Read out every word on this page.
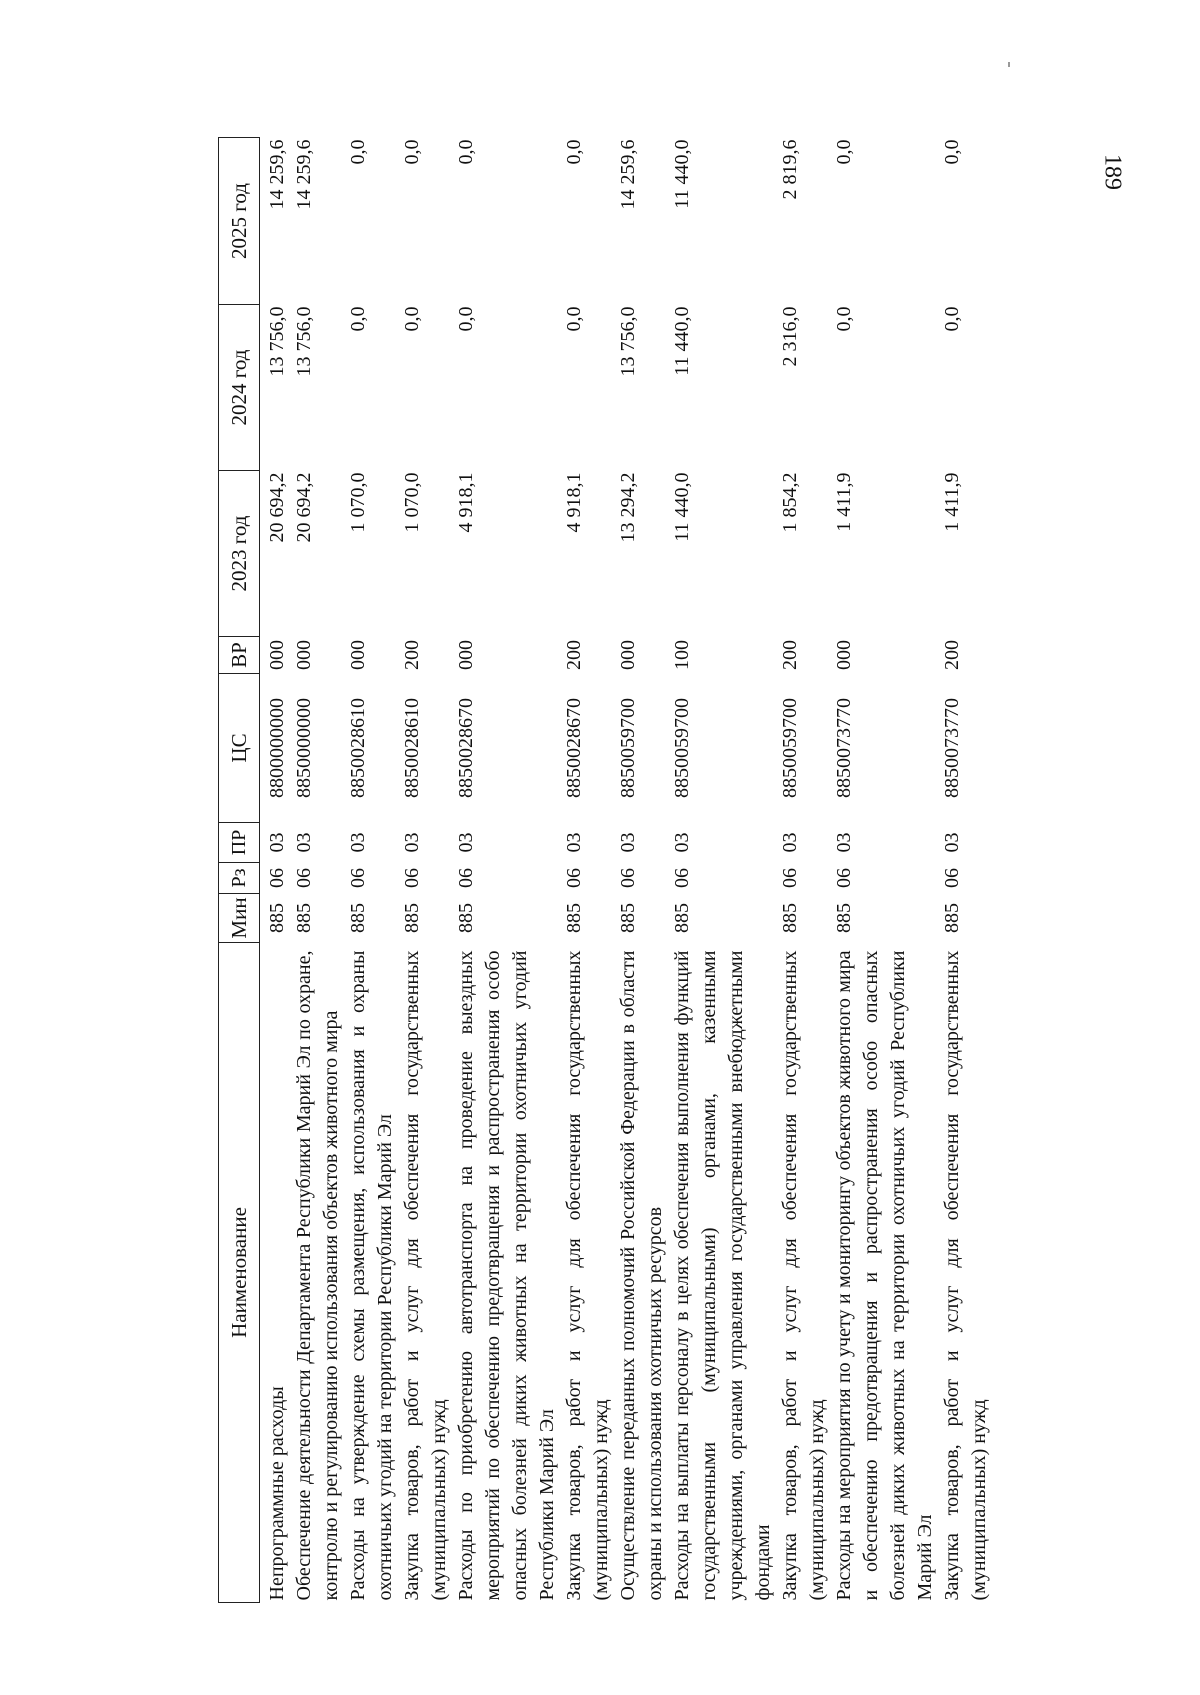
189
Наименование	Мин	Рз	ПР	ЦС	ВР	2023 год	2024 год	2025 год
Непрограммные расходы	885	06	03	8800000000	000	20 694,2	13 756,0	14 259,6
Обеспечение деятельности Департамента Республики Марий Эл по охране, контролю и регулированию использования объектов животного мира	885	06	03	8850000000	000	20 694,2	13 756,0	14 259,6
Расходы на утверждение схемы размещения, использования и охраны охотничьих угодий на территории Республики Марий Эл	885	06	03	8850028610	000	1 070,0	0,0	0,0
Закупка товаров, работ и услуг для обеспечения государственных (муниципальных) нужд	885	06	03	8850028610	200	1 070,0	0,0	0,0
Расходы по приобретению автотранспорта на проведение выездных мероприятий по обеспечению предотвращения и распространения особо опасных болезней диких животных на территории охотничьих угодий Республики Марий Эл	885	06	03	8850028670	000	4 918,1	0,0	0,0
Закупка товаров, работ и услуг для обеспечения государственных (муниципальных) нужд	885	06	03	8850028670	200	4 918,1	0,0	0,0
Осуществление переданных полномочий Российской Федерации в области охраны и использования охотничьих ресурсов	885	06	03	8850059700	000	13 294,2	13 756,0	14 259,6
Расходы на выплаты персоналу в целях обеспечения выполнения функций государственными (муниципальными) органами, казенными учреждениями, органами управления государственными внебюджетными фондами	885	06	03	8850059700	100	11 440,0	11 440,0	11 440,0
Закупка товаров, работ и услуг для обеспечения государственных (муниципальных) нужд	885	06	03	8850059700	200	1 854,2	2 316,0	2 819,6
Расходы на мероприятия по учету и мониторингу объектов животного мира и обеспечению предотвращения и распространения особо опасных болезней диких животных на территории охотничьих угодий Республики Марий Эл	885	06	03	8850073770	000	1 411,9	0,0	0,0
Закупка товаров, работ и услуг для обеспечения государственных (муниципальных) нужд	885	06	03	8850073770	200	1 411,9	0,0	0,0
